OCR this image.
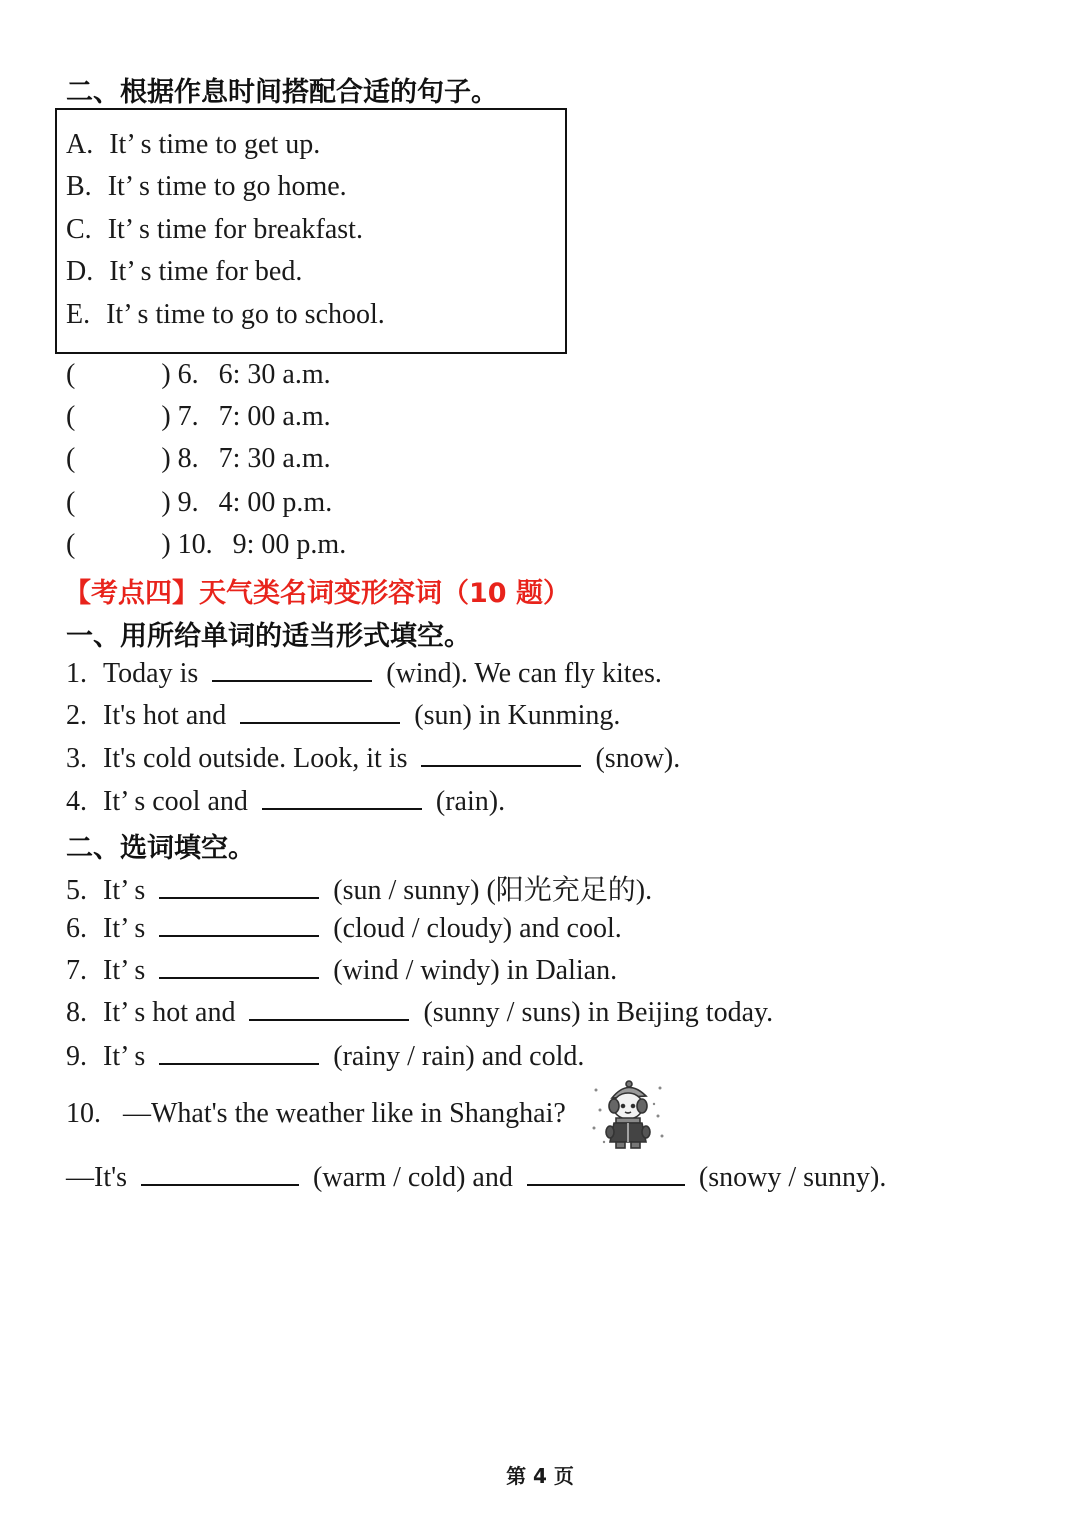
二、根据作息时间搭配合适的句子。
A. It’ s time to get up.
B. It’ s time to go home.
C. It’ s time for breakfast.
D. It’ s time for bed.
E. It’ s time to go to school.
(	) 6. 6: 30 a.m.
(	) 7. 7: 00 a.m.
(	) 8. 7: 30 a.m.
(	) 9. 4: 00 p.m.
(	) 10. 9: 00 p.m.
【考点四】天气类名词变形容词（10 题）
一、用所给单词的适当形式填空。
1. Today is	(wind). We can fly kites.
2. It's hot and	(sun) in Kunming.
3. It's cold outside. Look, it is	(snow).
4. It’ s cool and	(rain).
二、选词填空。
5. It’ s	(sun / sunny) (阳光充足的).
6. It’ s	(cloud / cloudy) and cool.
7. It’ s	(wind / windy) in Dalian.
8. It’ s hot and	(sunny / suns) in Beijing today.
9. It’ s	(rainy / rain) and cold.
10. —What's the weather like in Shanghai?
—It's	(warm / cold) and	(snowy / sunny).
第 4 页
